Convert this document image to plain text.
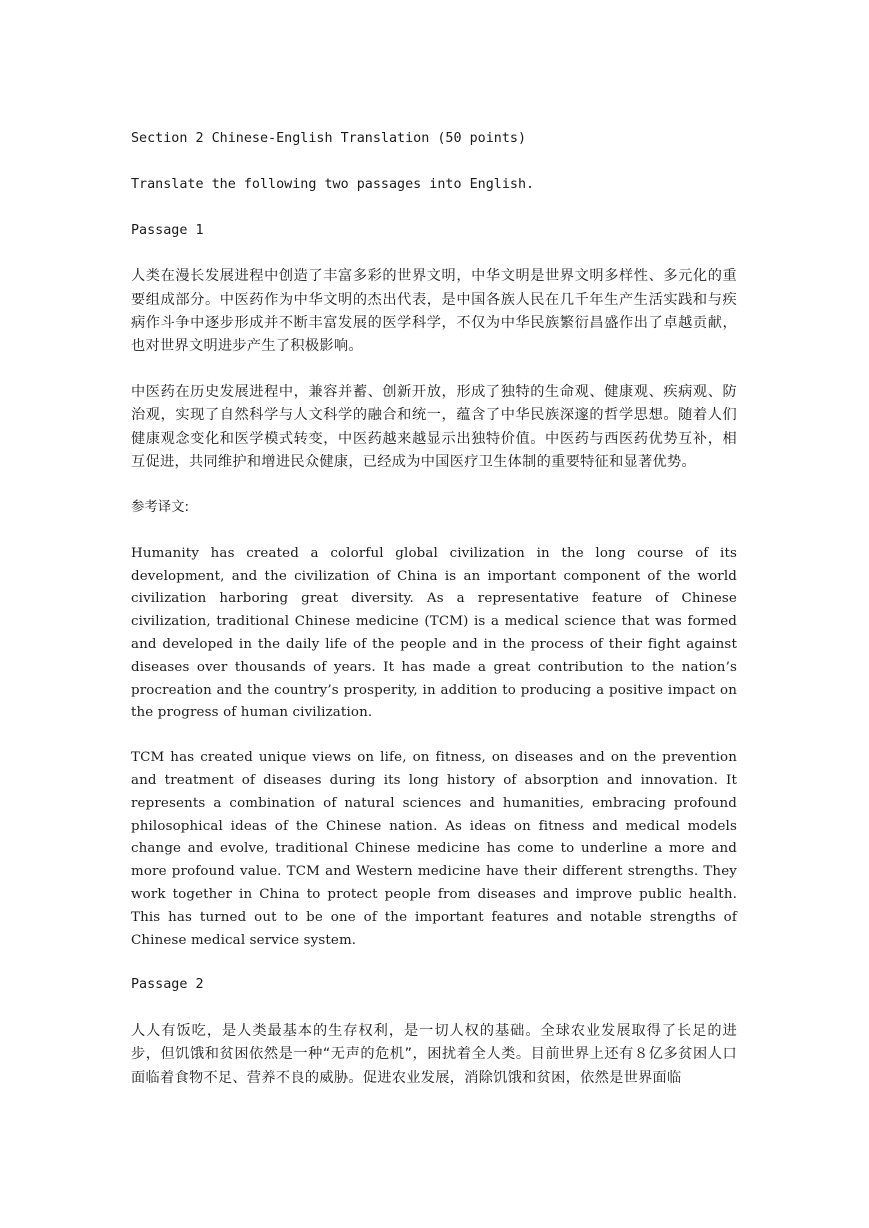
Section 2 Chinese-English Translation (50 points)

Translate the following two passages into English.

Passage 1

人类在漫长发展进程中创造了丰富多彩的世界文明，中华文明是世界文明多样性、多元化的重要组成部分。中医药作为中华文明的杰出代表，是中国各族人民在几千年生产生活实践和与疾病作斗争中逐步形成并不断丰富发展的医学科学，不仅为中华民族繁衍昌盛作出了卓越贡献，也对世界文明进步产生了积极影响。

中医药在历史发展进程中，兼容并蓄、创新开放，形成了独特的生命观、健康观、疾病观、防治观，实现了自然科学与人文科学的融合和统一，蕴含了中华民族深邃的哲学思想。随着人们健康观念变化和医学模式转变，中医药越来越显示出独特价值。中医药与西医药优势互补，相互促进，共同维护和增进民众健康，已经成为中国医疗卫生体制的重要特征和显著优势。

参考译文:

Humanity has created a colorful global civilization in the long course of its development, and the civilization of China is an important component of the world civilization harboring great diversity. As a representative feature of Chinese civilization, traditional Chinese medicine (TCM) is a medical science that was formed and developed in the daily life of the people and in the process of their fight against diseases over thousands of years. It has made a great contribution to the nation’s procreation and the country’s prosperity, in addition to producing a positive impact on the progress of human civilization.

TCM has created unique views on life, on fitness, on diseases and on the prevention and treatment of diseases during its long history of absorption and innovation. It represents a combination of natural sciences and humanities, embracing profound philosophical ideas of the Chinese nation. As ideas on fitness and medical models change and evolve, traditional Chinese medicine has come to underline a more and more profound value. TCM and Western medicine have their different strengths. They work together in China to protect people from diseases and improve public health. This has turned out to be one of the important features and notable strengths of Chinese medical service system.

Passage 2

人人有饭吃，是人类最基本的生存权利，是一切人权的基础。全球农业发展取得了长足的进步，但饥饿和贫困依然是一种“无声的危机”，困扰着全人类。目前世界上还有８亿多贫困人口面临着食物不足、营养不良的威胁。促进农业发展，消除饥饿和贫困，依然是世界面临
